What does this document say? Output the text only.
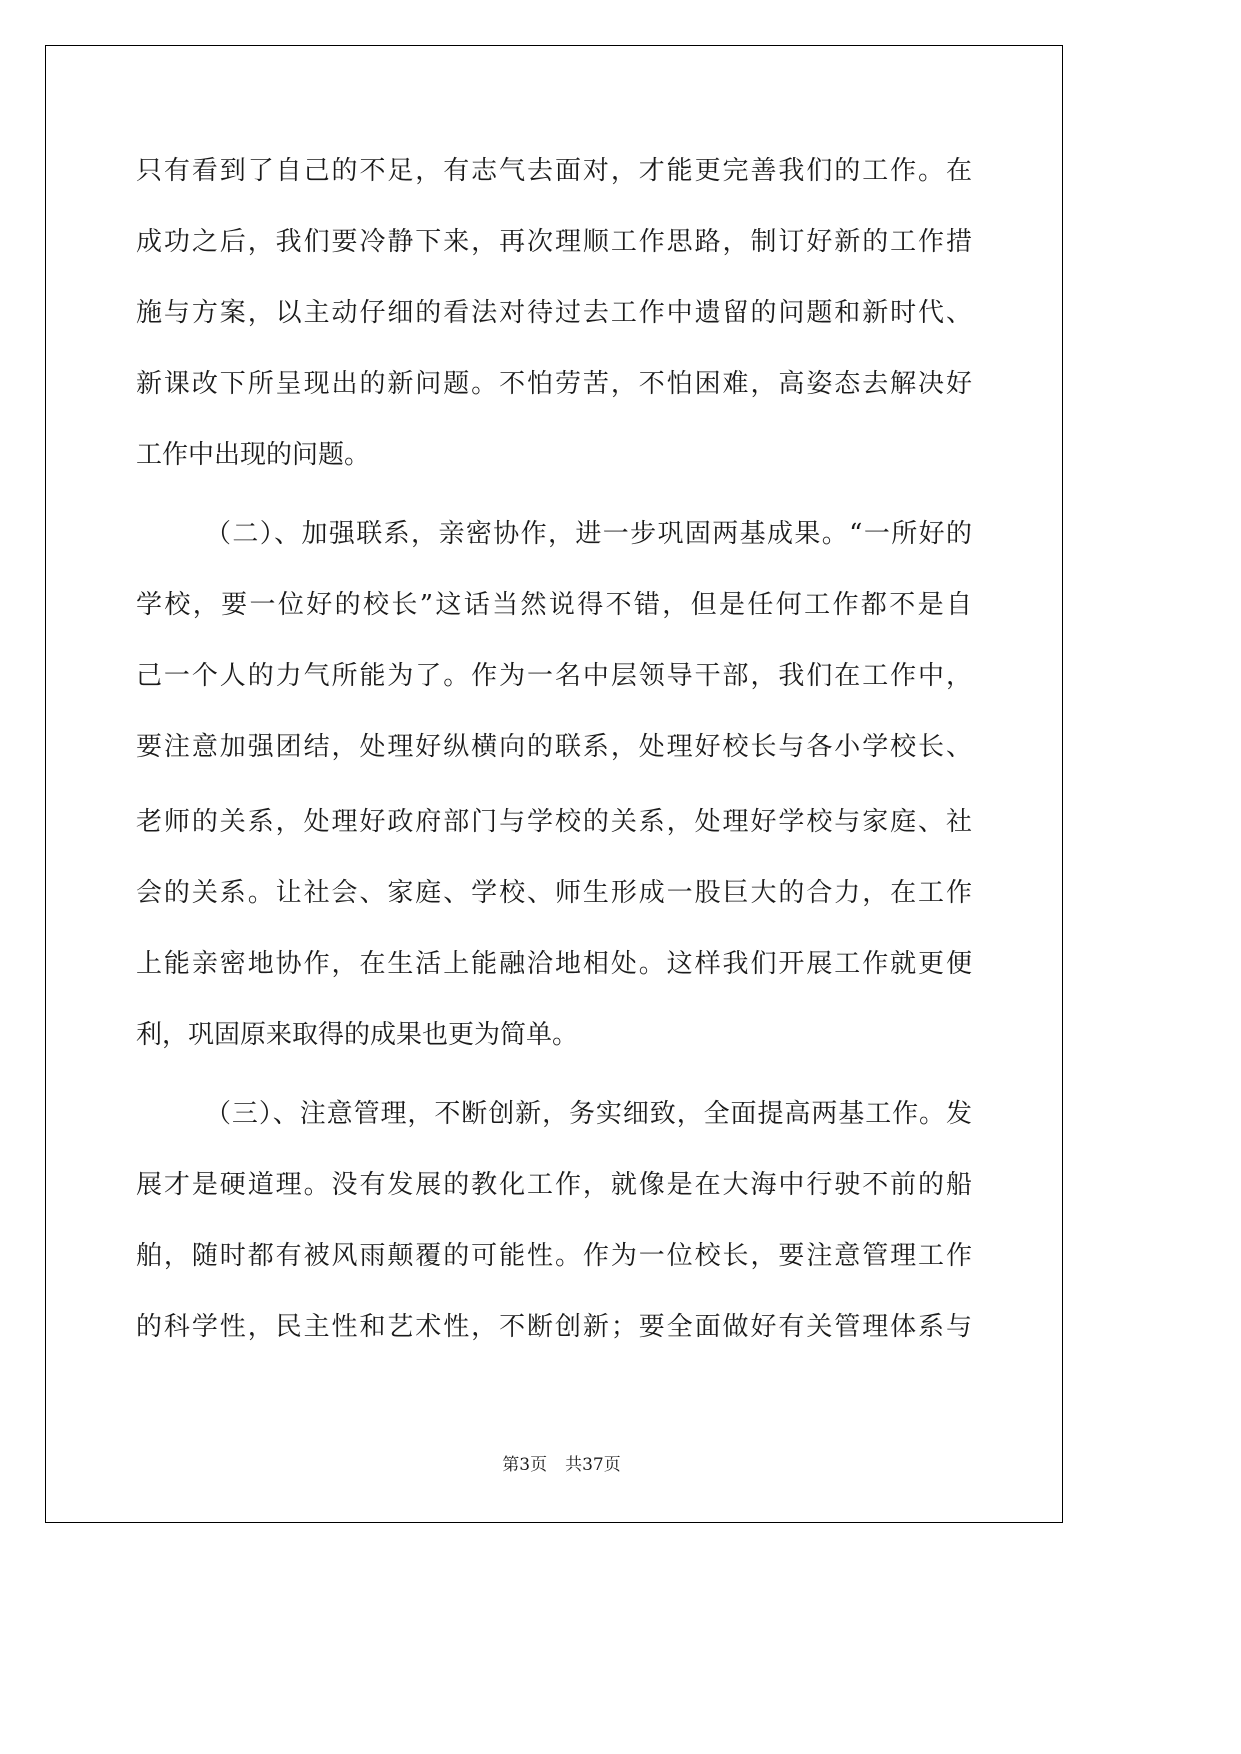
只有看到了自己的不足，有志气去面对，才能更完善我们的工作。在
成功之后，我们要冷静下来，再次理顺工作思路，制订好新的工作措
施与方案，以主动仔细的看法对待过去工作中遗留的问题和新时代、
新课改下所呈现出的新问题。不怕劳苦，不怕困难，高姿态去解决好
工作中出现的问题。
（二）、加强联系，亲密协作，进一步巩固两基成果。“一所好的
学校，要一位好的校长”这话当然说得不错，但是任何工作都不是自
己一个人的力气所能为了。作为一名中层领导干部，我们在工作中，
要注意加强团结，处理好纵横向的联系，处理好校长与各小学校长、
老师的关系，处理好政府部门与学校的关系，处理好学校与家庭、社
会的关系。让社会、家庭、学校、师生形成一股巨大的合力，在工作
上能亲密地协作，在生活上能融洽地相处。这样我们开展工作就更便
利，巩固原来取得的成果也更为简单。
（三）、注意管理，不断创新，务实细致，全面提高两基工作。发
展才是硬道理。没有发展的教化工作，就像是在大海中行驶不前的船
舶，随时都有被风雨颠覆的可能性。作为一位校长，要注意管理工作
的科学性，民主性和艺术性，不断创新；要全面做好有关管理体系与
第3页 共37页
